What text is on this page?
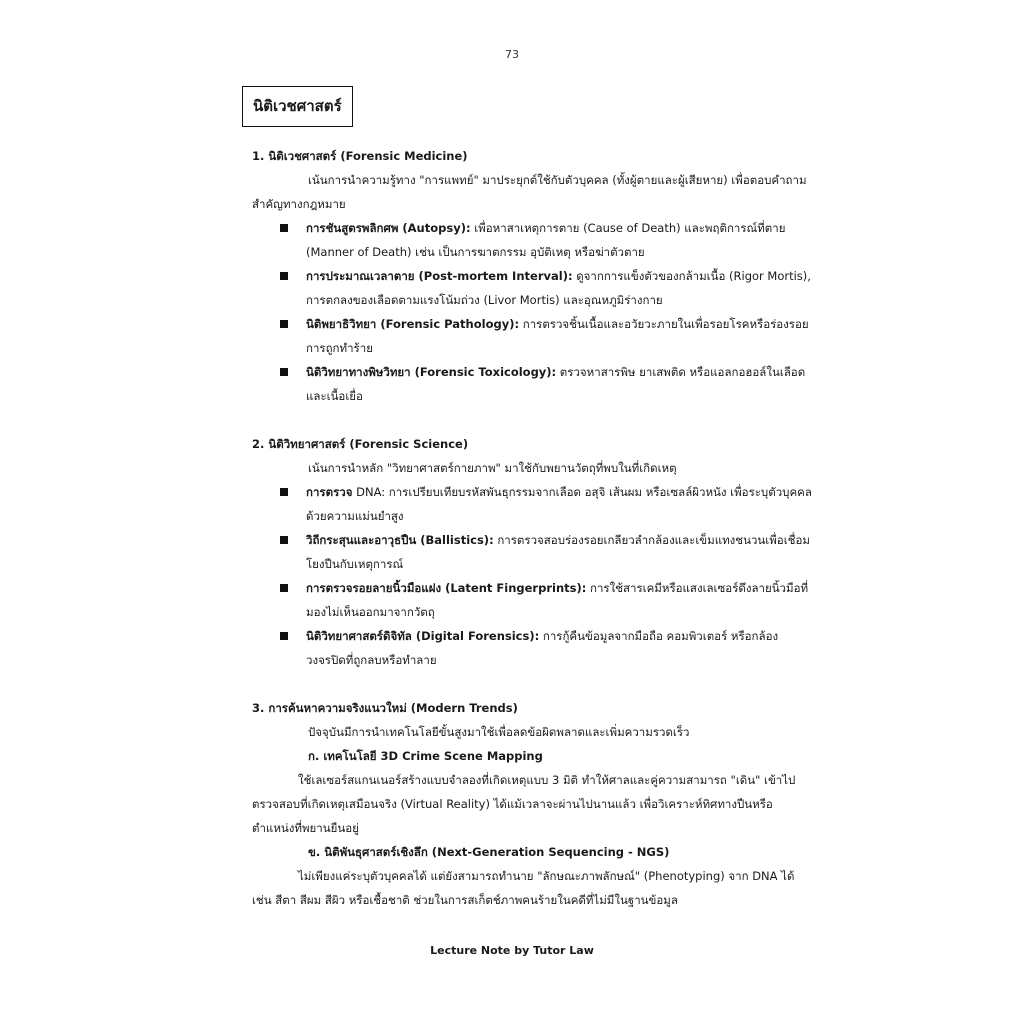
73
นิติเวชศาสตร์

1. นิติเวชศาสตร์ (Forensic Medicine)

เน้นการนำความรู้ทาง "การแพทย์" มาประยุกต์ใช้กับตัวบุคคล (ทั้งผู้ตายและผู้เสียหาย) เพื่อตอบคำถามสำคัญทางกฎหมาย

การชันสูตรพลิกศพ (Autopsy): เพื่อหาสาเหตุการตาย (Cause of Death) และพฤติการณ์ที่ตาย (Manner of Death) เช่น เป็นการฆาตกรรม อุบัติเหตุ หรือฆ่าตัวตาย
การประมาณเวลาตาย (Post-mortem Interval): ดูจากการแข็งตัวของกล้ามเนื้อ (Rigor Mortis), การตกลงของเลือดตามแรงโน้มถ่วง (Livor Mortis) และอุณหภูมิร่างกาย
นิติพยาธิวิทยา (Forensic Pathology): การตรวจชิ้นเนื้อและอวัยวะภายในเพื่อรอยโรคหรือร่องรอยการถูกทำร้าย
นิติวิทยาทางพิษวิทยา (Forensic Toxicology): ตรวจหาสารพิษ ยาเสพติด หรือแอลกอฮอล์ในเลือดและเนื้อเยื่อ

2. นิติวิทยาศาสตร์ (Forensic Science)

เน้นการนำหลัก "วิทยาศาสตร์กายภาพ" มาใช้กับพยานวัตถุที่พบในที่เกิดเหตุ

การตรวจ DNA: การเปรียบเทียบรหัสพันธุกรรมจากเลือด อสุจิ เส้นผม หรือเซลล์ผิวหนัง เพื่อระบุตัวบุคคลด้วยความแม่นยำสูง
วิถีกระสุนและอาวุธปืน (Ballistics): การตรวจสอบร่องรอยเกลียวลำกล้องและเข็มแทงชนวนเพื่อเชื่อมโยงปืนกับเหตุการณ์
การตรวจรอยลายนิ้วมือแฝง (Latent Fingerprints): การใช้สารเคมีหรือแสงเลเซอร์ดึงลายนิ้วมือที่มองไม่เห็นออกมาจากวัตถุ
นิติวิทยาศาสตร์ดิจิทัล (Digital Forensics): การกู้คืนข้อมูลจากมือถือ คอมพิวเตอร์ หรือกล้องวงจรปิดที่ถูกลบหรือทำลาย

3. การค้นหาความจริงแนวใหม่ (Modern Trends)

ปัจจุบันมีการนำเทคโนโลยีขั้นสูงมาใช้เพื่อลดข้อผิดพลาดและเพิ่มความรวดเร็ว

ก. เทคโนโลยี 3D Crime Scene Mapping

ใช้เลเซอร์สแกนเนอร์สร้างแบบจำลองที่เกิดเหตุแบบ 3 มิติ ทำให้ศาลและคู่ความสามารถ "เดิน" เข้าไปตรวจสอบที่เกิดเหตุเสมือนจริง (Virtual Reality) ได้แม้เวลาจะผ่านไปนานแล้ว เพื่อวิเคราะห์ทิศทางปืนหรือตำแหน่งที่พยานยืนอยู่

ข. นิติพันธุศาสตร์เชิงลึก (Next-Generation Sequencing - NGS)

ไม่เพียงแค่ระบุตัวบุคคลได้ แต่ยังสามารถทำนาย "ลักษณะภาพลักษณ์" (Phenotyping) จาก DNA ได้ เช่น สีตา สีผม สีผิว หรือเชื้อชาติ ช่วยในการสเก็ตช์ภาพคนร้ายในคดีที่ไม่มีในฐานข้อมูล

Lecture Note by Tutor Law
